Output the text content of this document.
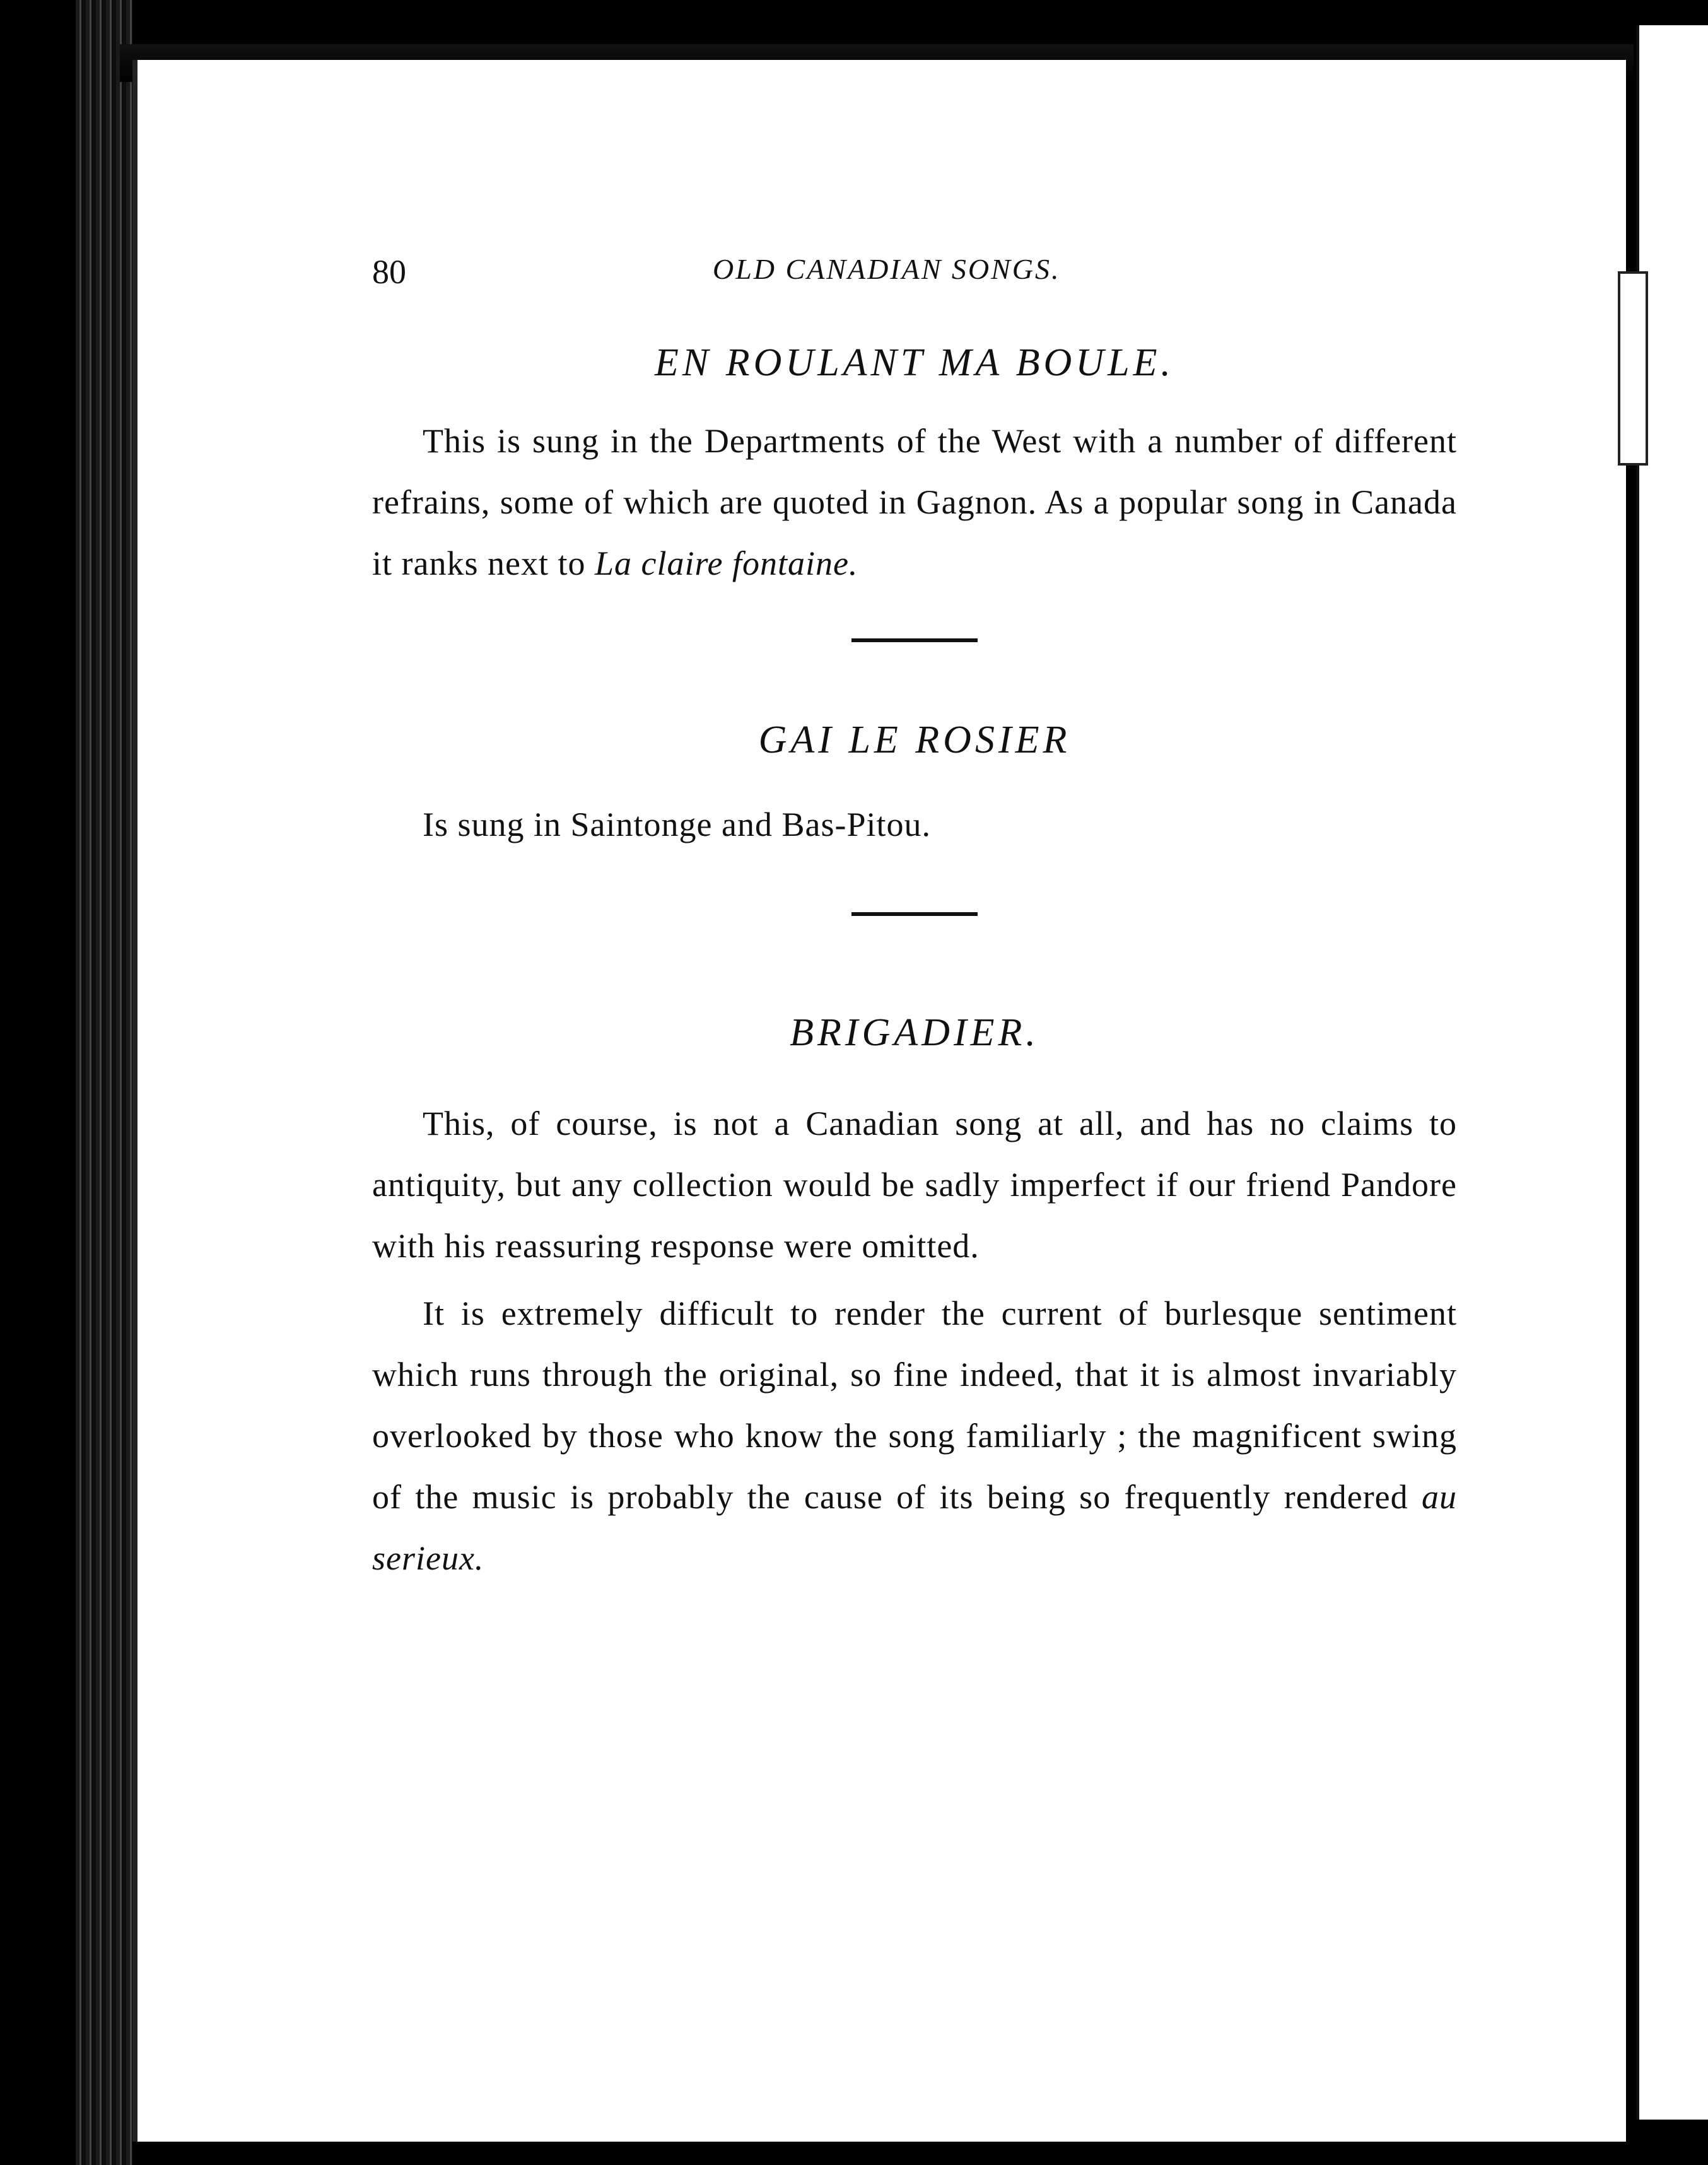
80	OLD CANADIAN SONGS.
EN ROULANT MA BOULE.

This is sung in the Departments of the West with a number of different refrains, some of which are quoted in Gagnon. As a popular song in Canada it ranks next to La claire fontaine.

GAI LE ROSIER

Is sung in Saintonge and Bas-Pitou.

BRIGADIER.

This, of course, is not a Canadian song at all, and has no claims to antiquity, but any collection would be sadly imperfect if our friend Pandore with his reassuring response were omitted.

It is extremely difficult to render the current of burlesque sentiment which runs through the original, so fine indeed, that it is almost invariably overlooked by those who know the song familiarly ; the magnificent swing of the music is probably the cause of its being so frequently rendered au serieux.
